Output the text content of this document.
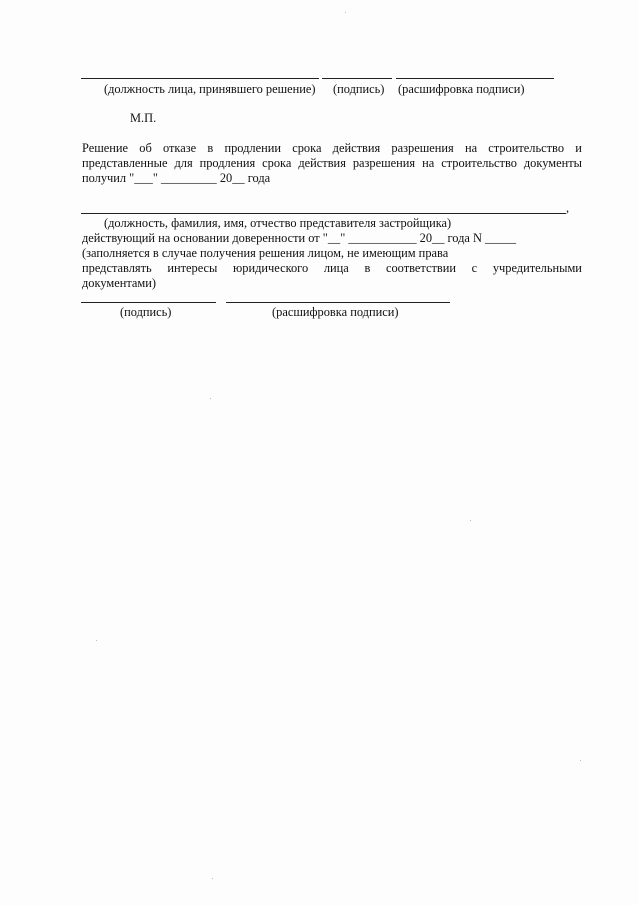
(должность лица, принявшего решение) (подпись) (расшифровка подписи)
М.П.
Решение об отказе в продлении срока действия разрешения на строительство и
представленные для продления срока действия разрешения на строительство документы
получил "___" _________ 20__ года
,
(должность, фамилия, имя, отчество представителя застройщика)
действующий на основании доверенности от "__" ___________ 20__ года N _____
(заполняется в случае получения решения лицом, не имеющим права
представлять интересы юридического лица в соответствии с учредительными
документами)
(подпись)	(расшифровка подписи)
